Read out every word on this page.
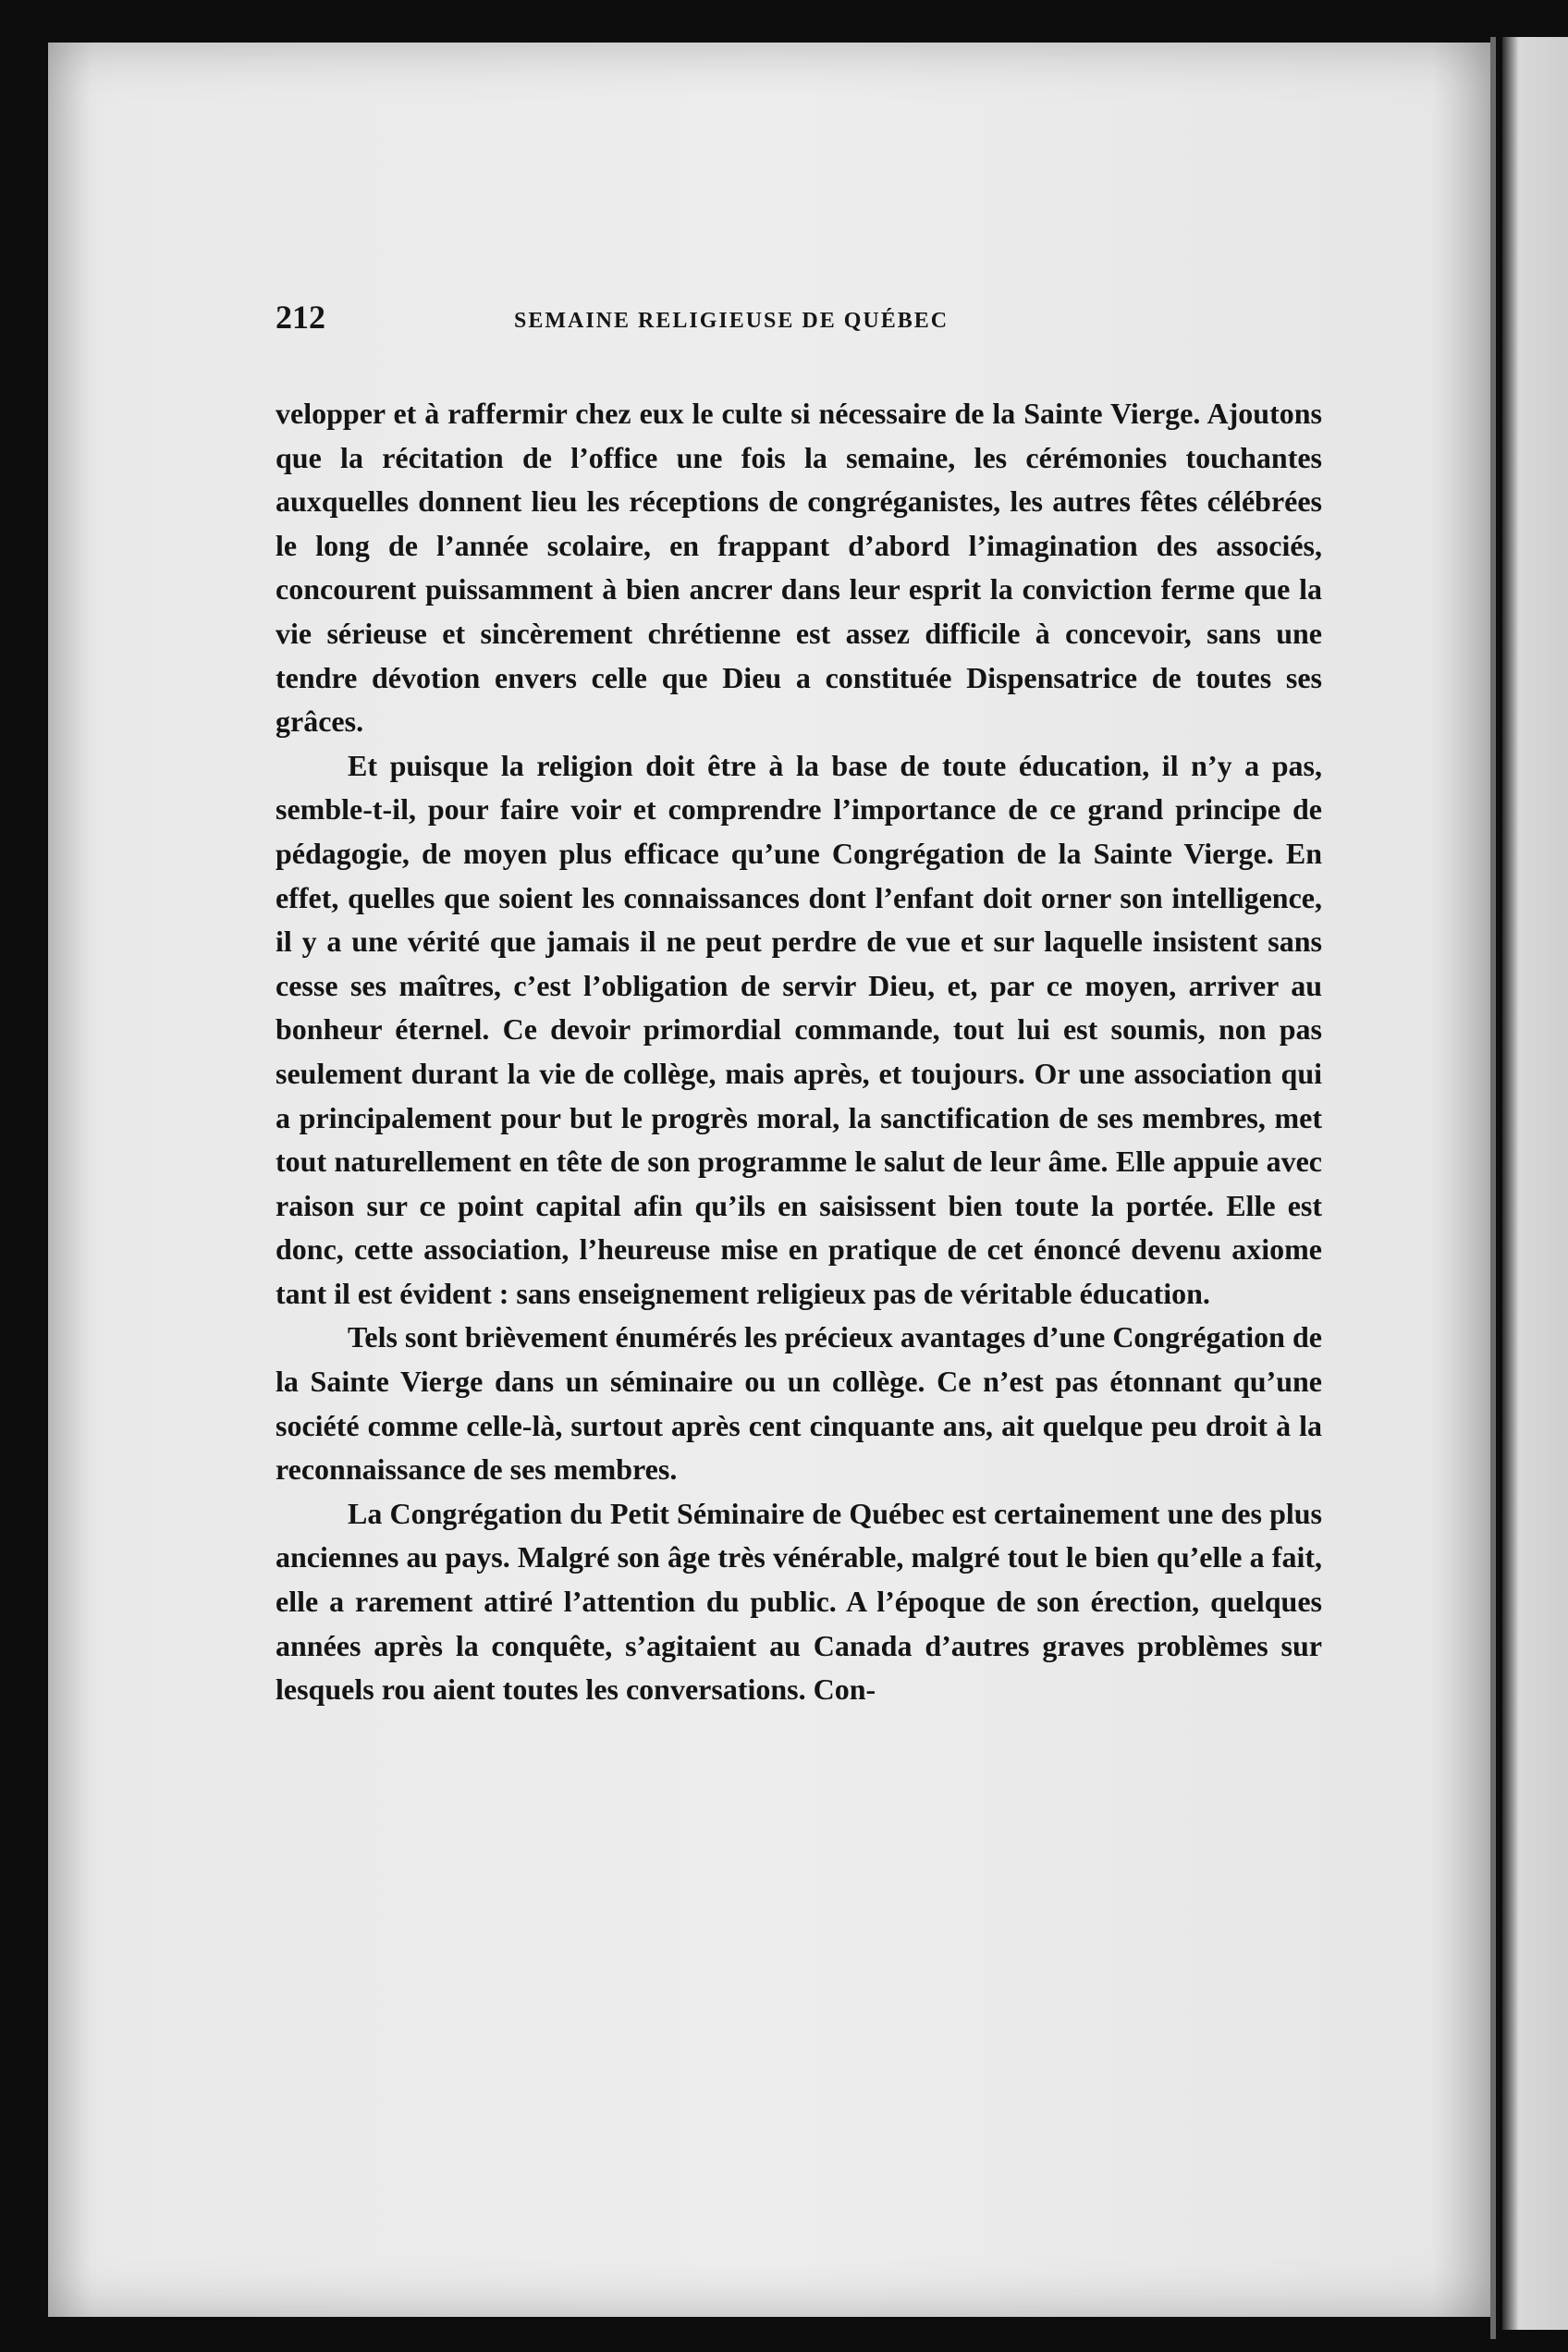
212	SEMAINE RELIGIEUSE DE QUÉBEC

velopper et à raffermir chez eux le culte si nécessaire de la Sainte Vierge. Ajoutons que la récitation de l’office une fois la semaine, les cérémonies touchantes auxquelles donnent lieu les réceptions de congréganistes, les autres fêtes célébrées le long de l’année scolaire, en frappant d’abord l’imagination des associés, concourent puissamment à bien ancrer dans leur esprit la conviction ferme que la vie sérieuse et sincèrement chrétienne est assez difficile à concevoir, sans une tendre dévotion envers celle que Dieu a constituée Dispensatrice de toutes ses grâces.

Et puisque la religion doit être à la base de toute éducation, il n’y a pas, semble-t-il, pour faire voir et comprendre l’importance de ce grand principe de pédagogie, de moyen plus efficace qu’une Congrégation de la Sainte Vierge. En effet, quelles que soient les connaissances dont l’enfant doit orner son intelligence, il y a une vérité que jamais il ne peut perdre de vue et sur laquelle insistent sans cesse ses maîtres, c’est l’obligation de servir Dieu, et, par ce moyen, arriver au bonheur éternel. Ce devoir primordial commande, tout lui est soumis, non pas seulement durant la vie de collège, mais après, et toujours. Or une association qui a principalement pour but le progrès moral, la sanctification de ses membres, met tout naturellement en tête de son programme le salut de leur âme. Elle appuie avec raison sur ce point capital afin qu’ils en saisissent bien toute la portée. Elle est donc, cette association, l’heureuse mise en pratique de cet énoncé devenu axiome tant il est évident : sans enseignement religieux pas de véritable éducation.

Tels sont brièvement énumérés les précieux avantages d’une Congrégation de la Sainte Vierge dans un séminaire ou un collège. Ce n’est pas étonnant qu’une société comme celle-là, surtout après cent cinquante ans, ait quelque peu droit à la reconnaissance de ses membres.

La Congrégation du Petit Séminaire de Québec est certainement une des plus anciennes au pays. Malgré son âge très vénérable, malgré tout le bien qu’elle a fait, elle a rarement attiré l’attention du public. A l’époque de son érection, quelques années après la conquête, s’agitaient au Canada d’autres graves problèmes sur lesquels rou aient toutes les conversations. Con-
